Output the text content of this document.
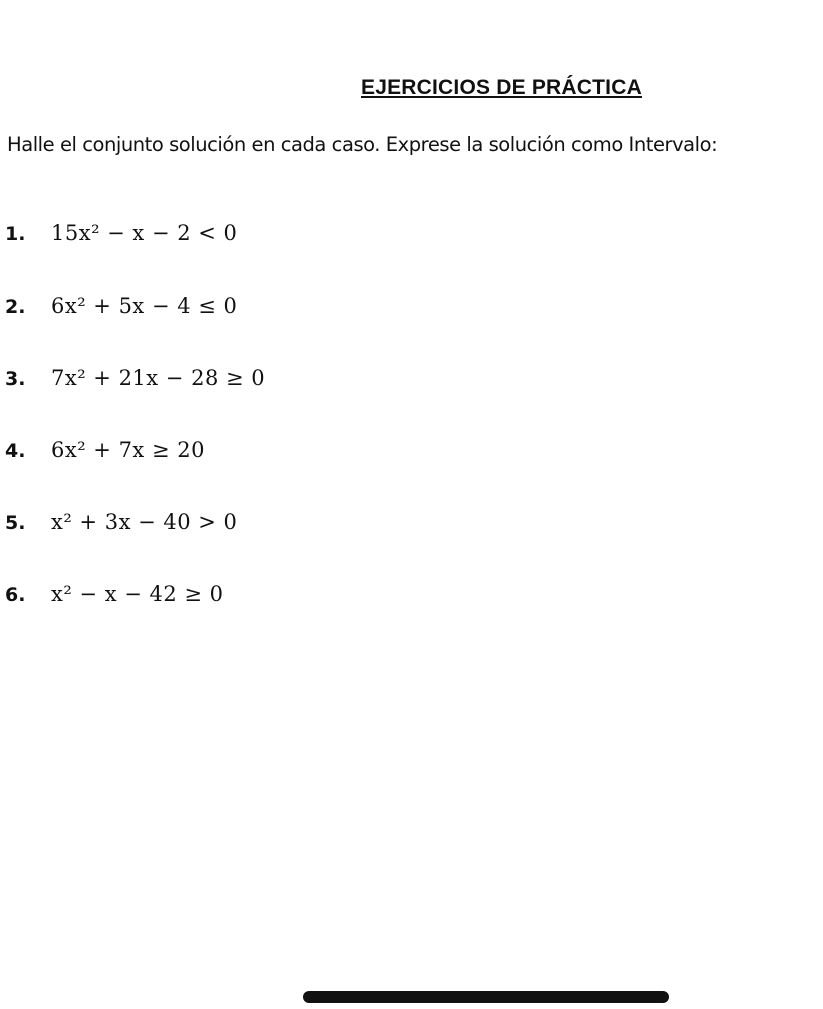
EJERCICIOS DE PRÁCTICA
Halle el conjunto solución en cada caso. Exprese la solución como Intervalo:
1.	15x² − x − 2 < 0
2.	6x² + 5x − 4 ≤ 0
3.	7x² + 21x − 28 ≥ 0
4.	6x² + 7x ≥ 20
5.	x² + 3x − 40 > 0
6.	x² − x − 42 ≥ 0
